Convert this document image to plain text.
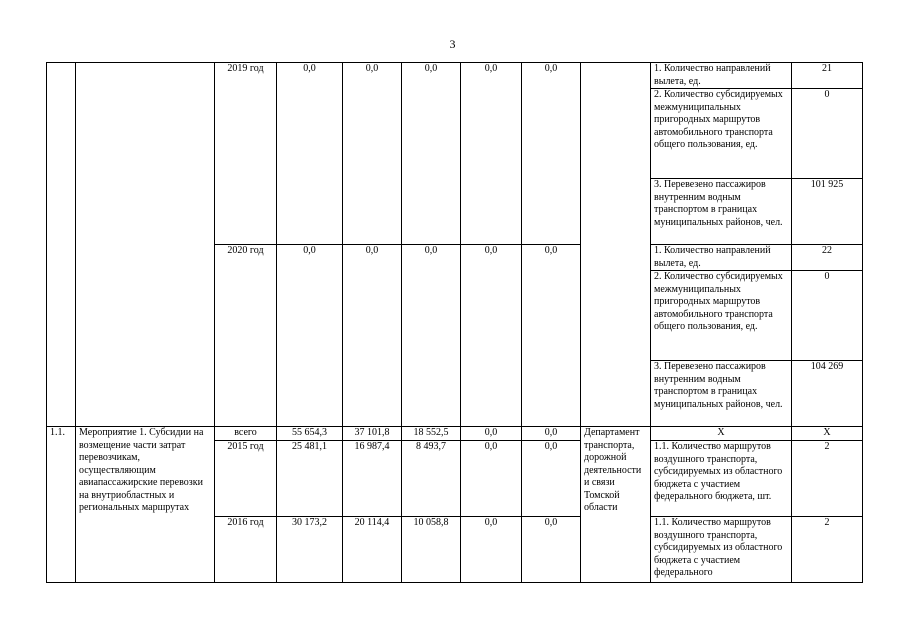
3
		2019 год	0,0	0,0	0,0	0,0	0,0		1. Количество направлений вылета, ед.	21
									2. Количество субсидируемых межмуниципальных пригородных маршрутов автомобильного транспорта общего пользования, ед.	0
									3. Перевезено пассажиров внутренним водным транспортом в границах муниципальных районов, чел.	101 925
		2020 год	0,0	0,0	0,0	0,0	0,0		1. Количество направлений вылета, ед.	22
									2. Количество субсидируемых межмуниципальных пригородных маршрутов автомобильного транспорта общего пользования, ед.	0
									3. Перевезено пассажиров внутренним водным транспортом в границах муниципальных районов, чел.	104 269
1.1.	Мероприятие 1. Субсидии на возмещение части затрат перевозчикам, осуществляющим авиапассажирские перевозки на внутриобластных и региональных маршрутах	всего	55 654,3	37 101,8	18 552,5	0,0	0,0	Департамент транспорта, дорожной деятельности и связи Томской области	Х	Х
		2015 год	25 481,1	16 987,4	8 493,7	0,0	0,0		1.1. Количество маршрутов воздушного транспорта, субсидируемых из областного бюджета с участием федерального бюджета, шт.	2
		2016 год	30 173,2	20 114,4	10 058,8	0,0	0,0		1.1. Количество маршрутов воздушного транспорта, субсидируемых из областного бюджета с участием федерального	2
